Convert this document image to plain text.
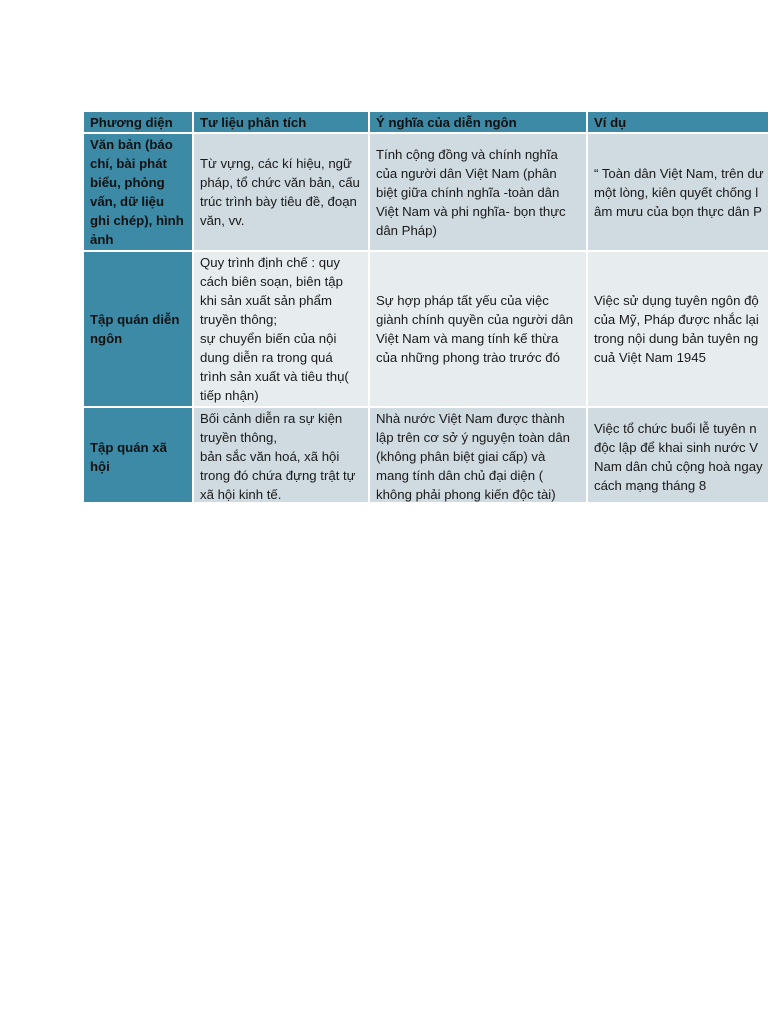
Phương diện	Tư liệu phân tích	Ý nghĩa của diễn ngôn	Ví dụ
Văn bản (báo chí, bài phát biểu, phỏng vấn, dữ liệu ghi chép), hình ảnh	Từ vựng, các kí hiệu, ngữ pháp, tổ chức văn bản, cấu trúc trình bày tiêu đề, đoạn văn, vv.	Tính cộng đồng và chính nghĩa của người dân Việt Nam (phân biệt giữa chính nghĩa -toàn dân Việt Nam và phi nghĩa- bọn thực dân Pháp)	“ Toàn dân Việt Nam, trên dư
một lòng, kiên quyết chống l
âm mưu của bọn thực dân P
Tập quán diễn ngôn	Quy trình định chế : quy cách biên soạn, biên tập khi sản xuất sản phẩm truyền thông;
sự chuyển biến của nội dung diễn ra trong quá trình sản xuất và tiêu thụ( tiếp nhận)	Sự hợp pháp tất yếu của việc giành chính quyền của người dân Việt Nam và mang tính kế thừa của những phong trào trước đó	Việc sử dụng tuyên ngôn độ
của Mỹ, Pháp được nhắc lại
trong nội dung bản tuyên ng
cuả Việt Nam 1945
Tập quán xã hội	Bối cảnh diễn ra sự kiện truyền thông,
bản sắc văn hoá, xã hội trong đó chứa đựng trật tự xã hội kinh tế.	Nhà nước Việt Nam được thành lập trên cơ sở ý nguyện toàn dân (không phân biệt giai cấp) và mang tính dân chủ đại diện ( không phải phong kiến độc tài)	Việc tổ chức buổi lễ tuyên n
độc lập để khai sinh nước V
Nam dân chủ cộng hoà ngay
cách mạng tháng 8
